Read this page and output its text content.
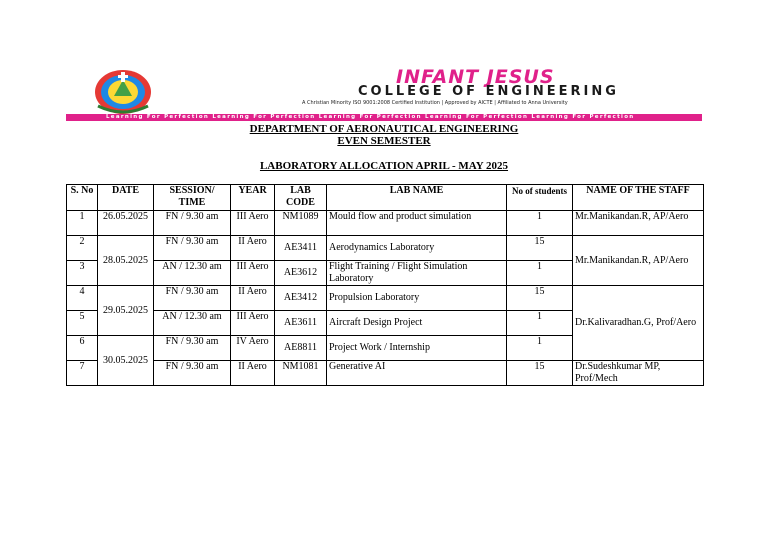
INFANT JESUS
COLLEGE OF ENGINEERING
A Christian Minority ISO 9001:2008 Certified Institution | Approved by AICTE | Affiliated to Anna University
Learning For Perfection Learning For Perfection Learning For Perfection Learning For Perfection Learning For Perfection
DEPARTMENT OF AERONAUTICAL ENGINEERING
EVEN SEMESTER
LABORATORY ALLOCATION APRIL - MAY 2025
S. No	DATE	SESSION/ TIME	YEAR	LAB CODE	LAB NAME	No of students	NAME OF THE STAFF
1	26.05.2025	FN / 9.30 am	III Aero	NM1089	Mould flow and product simulation	1	Mr.Manikandan.R, AP/Aero
2	28.05.2025	FN / 9.30 am	II Aero	AE3411	Aerodynamics Laboratory	15	Mr.Manikandan.R, AP/Aero
3		AN / 12.30 am	III Aero	AE3612	Flight Training / Flight Simulation Laboratory	1	
4	29.05.2025	FN / 9.30 am	II Aero	AE3412	Propulsion Laboratory	15	Dr.Kalivaradhan.G, Prof/Aero
5		AN / 12.30 am	III Aero	AE3611	Aircraft Design Project	1	
6	30.05.2025	FN / 9.30 am	IV Aero	AE8811	Project Work / Internship	1	
7		FN / 9.30 am	II Aero	NM1081	Generative AI	15	Dr.Sudeshkumar MP, Prof/Mech
